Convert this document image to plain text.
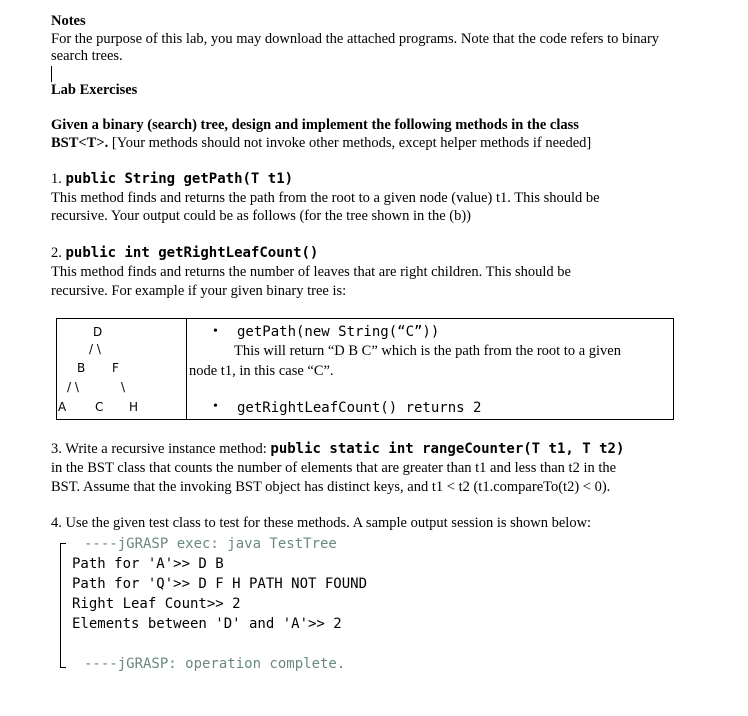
Notes
For the purpose of this lab, you may download the attached programs. Note that the code refers to binary
search trees.
Lab Exercises
Given a binary (search) tree, design and implement the following methods in the class
BST<T>. [Your methods should not invoke other methods, except helper methods if needed]
1. public String getPath(T t1)
This method finds and returns the path from the root to a given node (value) t1. This should be
recursive. Your output could be as follows (for the tree shown in the (b))
2. public int getRightLeafCount()
This method finds and returns the number of leaves that are right children. This should be
recursive. For example if your given binary tree is:
D
/ \
B F
/ \	\
A C H
• getPath(new String(“C”))
This will return “D B C” which is the path from the root to a given
node t1, in this case “C”.
• getRightLeafCount() returns 2
3. Write a recursive instance method: public static int rangeCounter(T t1, T t2)
in the BST class that counts the number of elements that are greater than t1 and less than t2 in the
BST. Assume that the invoking BST object has distinct keys, and t1 < t2 (t1.compareTo(t2) < 0).
4. Use the given test class to test for these methods. A sample output session is shown below:
----jGRASP exec: java TestTree
Path for 'A'>> D B
Path for 'Q'>> D F H PATH NOT FOUND
Right Leaf Count>> 2
Elements between 'D' and 'A'>> 2
----jGRASP: operation complete.
